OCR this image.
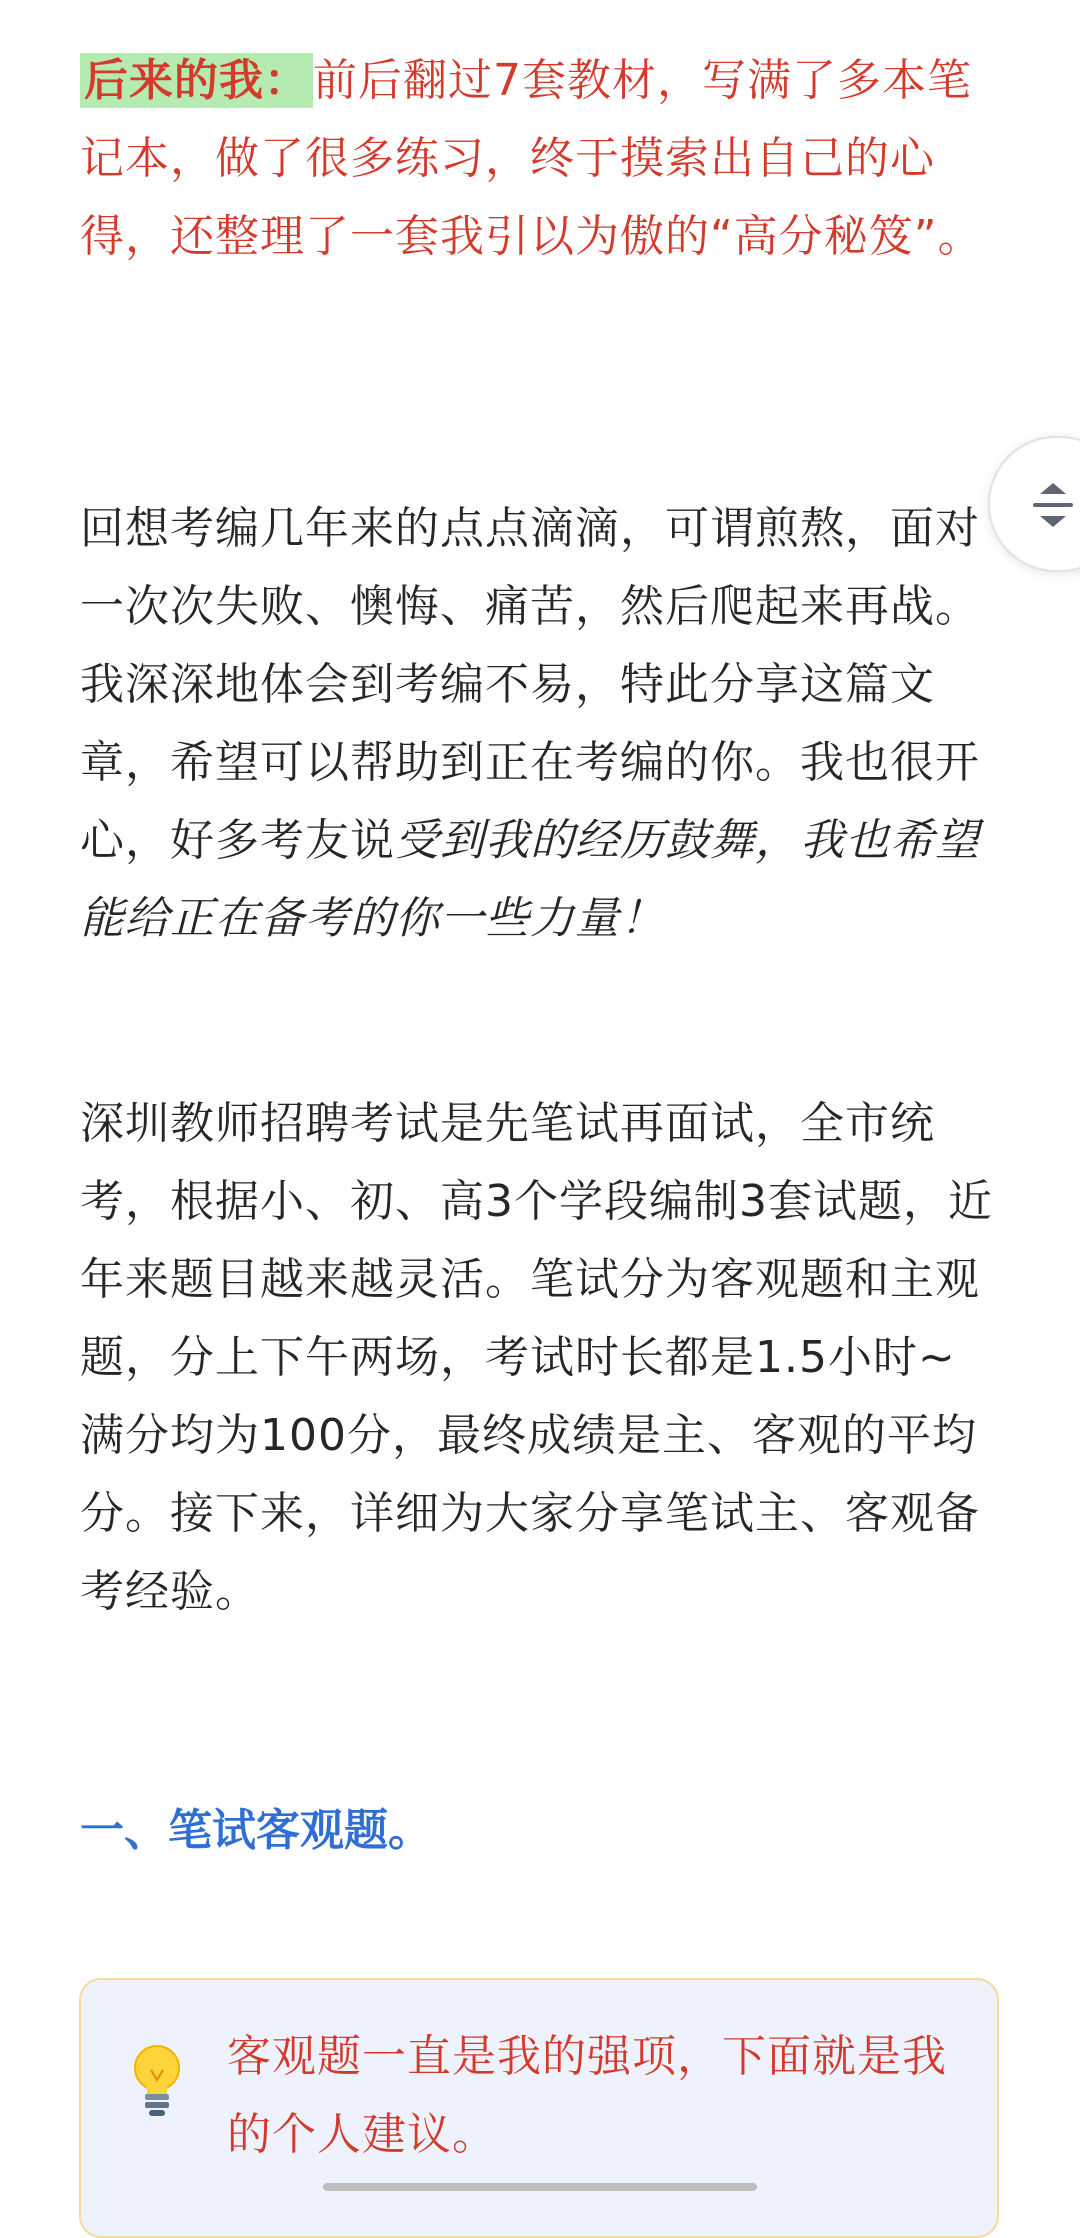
后来的我：前后翻过7套教材，写满了多本笔记本，做了很多练习，终于摸索出自己的心得，还整理了一套我引以为傲的“高分秘笈”。

回想考编几年来的点点滴滴，可谓煎熬，面对一次次失败、懊悔、痛苦，然后爬起来再战。我深深地体会到考编不易，特此分享这篇文章，希望可以帮助到正在考编的你。我也很开心，好多考友说受到我的经历鼓舞，我也希望能给正在备考的你一些力量！

深圳教师招聘考试是先笔试再面试，全市统考，根据小、初、高3个学段编制3套试题，近年来题目越来越灵活。笔试分为客观题和主观题，分上下午两场，考试时长都是1.5小时~满分均为100分，最终成绩是主、客观的平均分。接下来，详细为大家分享笔试主、客观备考经验。

一、笔试客观题。

客观题一直是我的强项，下面就是我的个人建议。
